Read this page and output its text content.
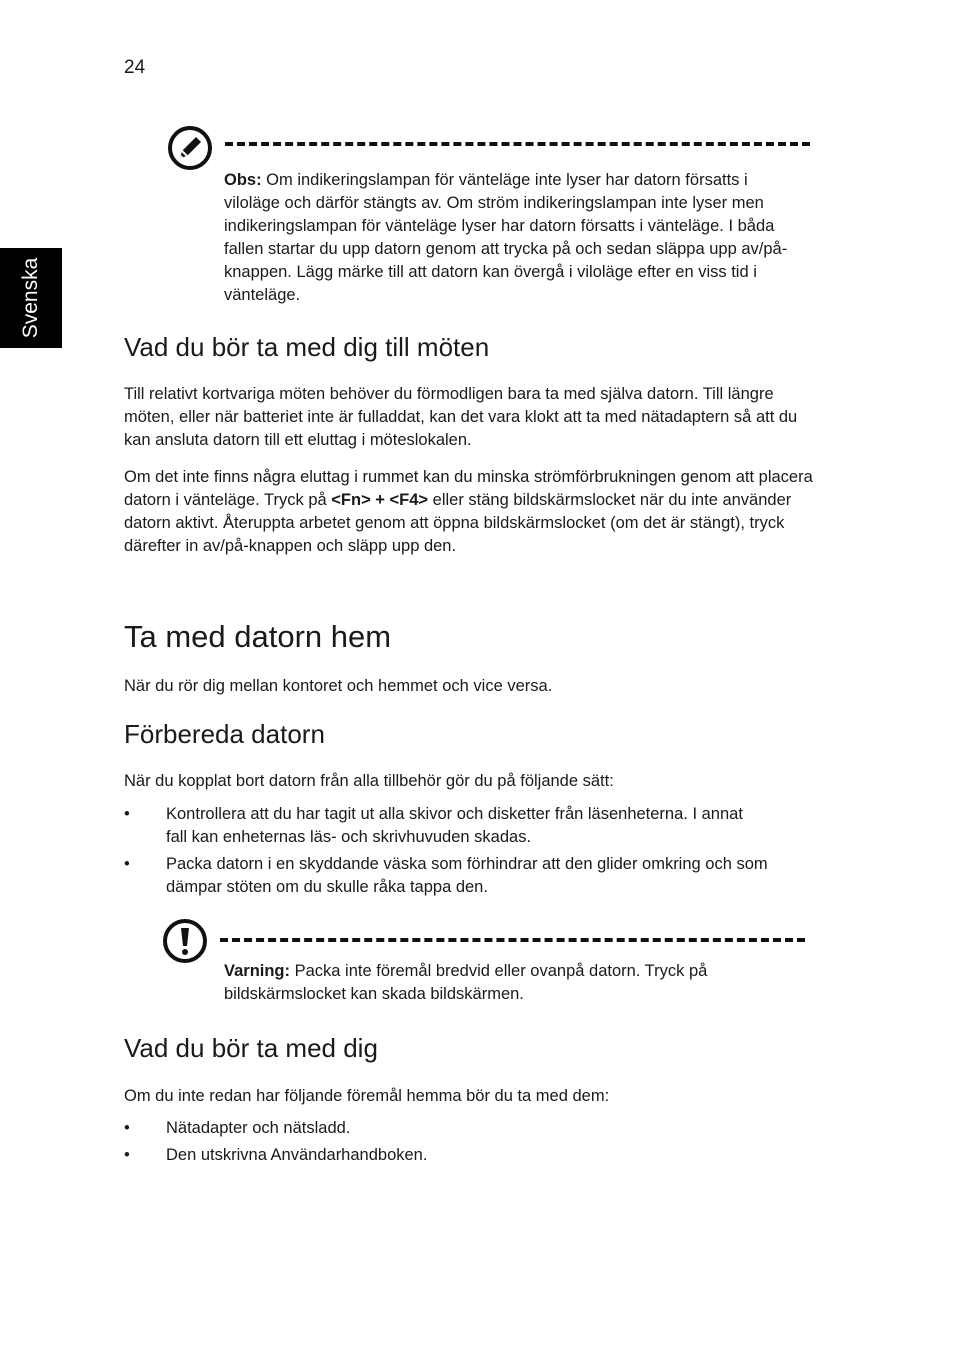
24
Svenska
Obs: Om indikeringslampan för vänteläge inte lyser har datorn försatts i viloläge och därför stängts av. Om ström indikeringslampan inte lyser men indikeringslampan för vänteläge lyser har datorn försatts i vänteläge. I båda fallen startar du upp datorn genom att trycka på och sedan släppa upp av/på-knappen. Lägg märke till att datorn kan övergå i viloläge efter en viss tid i vänteläge.
Vad du bör ta med dig till möten

Till relativt kortvariga möten behöver du förmodligen bara ta med själva datorn. Till längre möten, eller när batteriet inte är fulladdat, kan det vara klokt att ta med nätadaptern så att du kan ansluta datorn till ett eluttag i möteslokalen.

Om det inte finns några eluttag i rummet kan du minska strömförbrukningen genom att placera datorn i vänteläge. Tryck på <Fn> + <F4> eller stäng bildskärmslocket när du inte använder datorn aktivt. Återuppta arbetet genom att öppna bildskärmslocket (om det är stängt), tryck därefter in av/på-knappen och släpp upp den.

Ta med datorn hem

När du rör dig mellan kontoret och hemmet och vice versa.

Förbereda datorn

När du kopplat bort datorn från alla tillbehör gör du på följande sätt:

• Kontrollera att du har tagit ut alla skivor och disketter från läsenheterna. I annat fall kan enheternas läs- och skrivhuvuden skadas.
• Packa datorn i en skyddande väska som förhindrar att den glider omkring och som dämpar stöten om du skulle råka tappa den.
Varning: Packa inte föremål bredvid eller ovanpå datorn. Tryck på bildskärmslocket kan skada bildskärmen.
Vad du bör ta med dig

Om du inte redan har följande föremål hemma bör du ta med dem:

• Nätadapter och nätsladd.
• Den utskrivna Användarhandboken.
